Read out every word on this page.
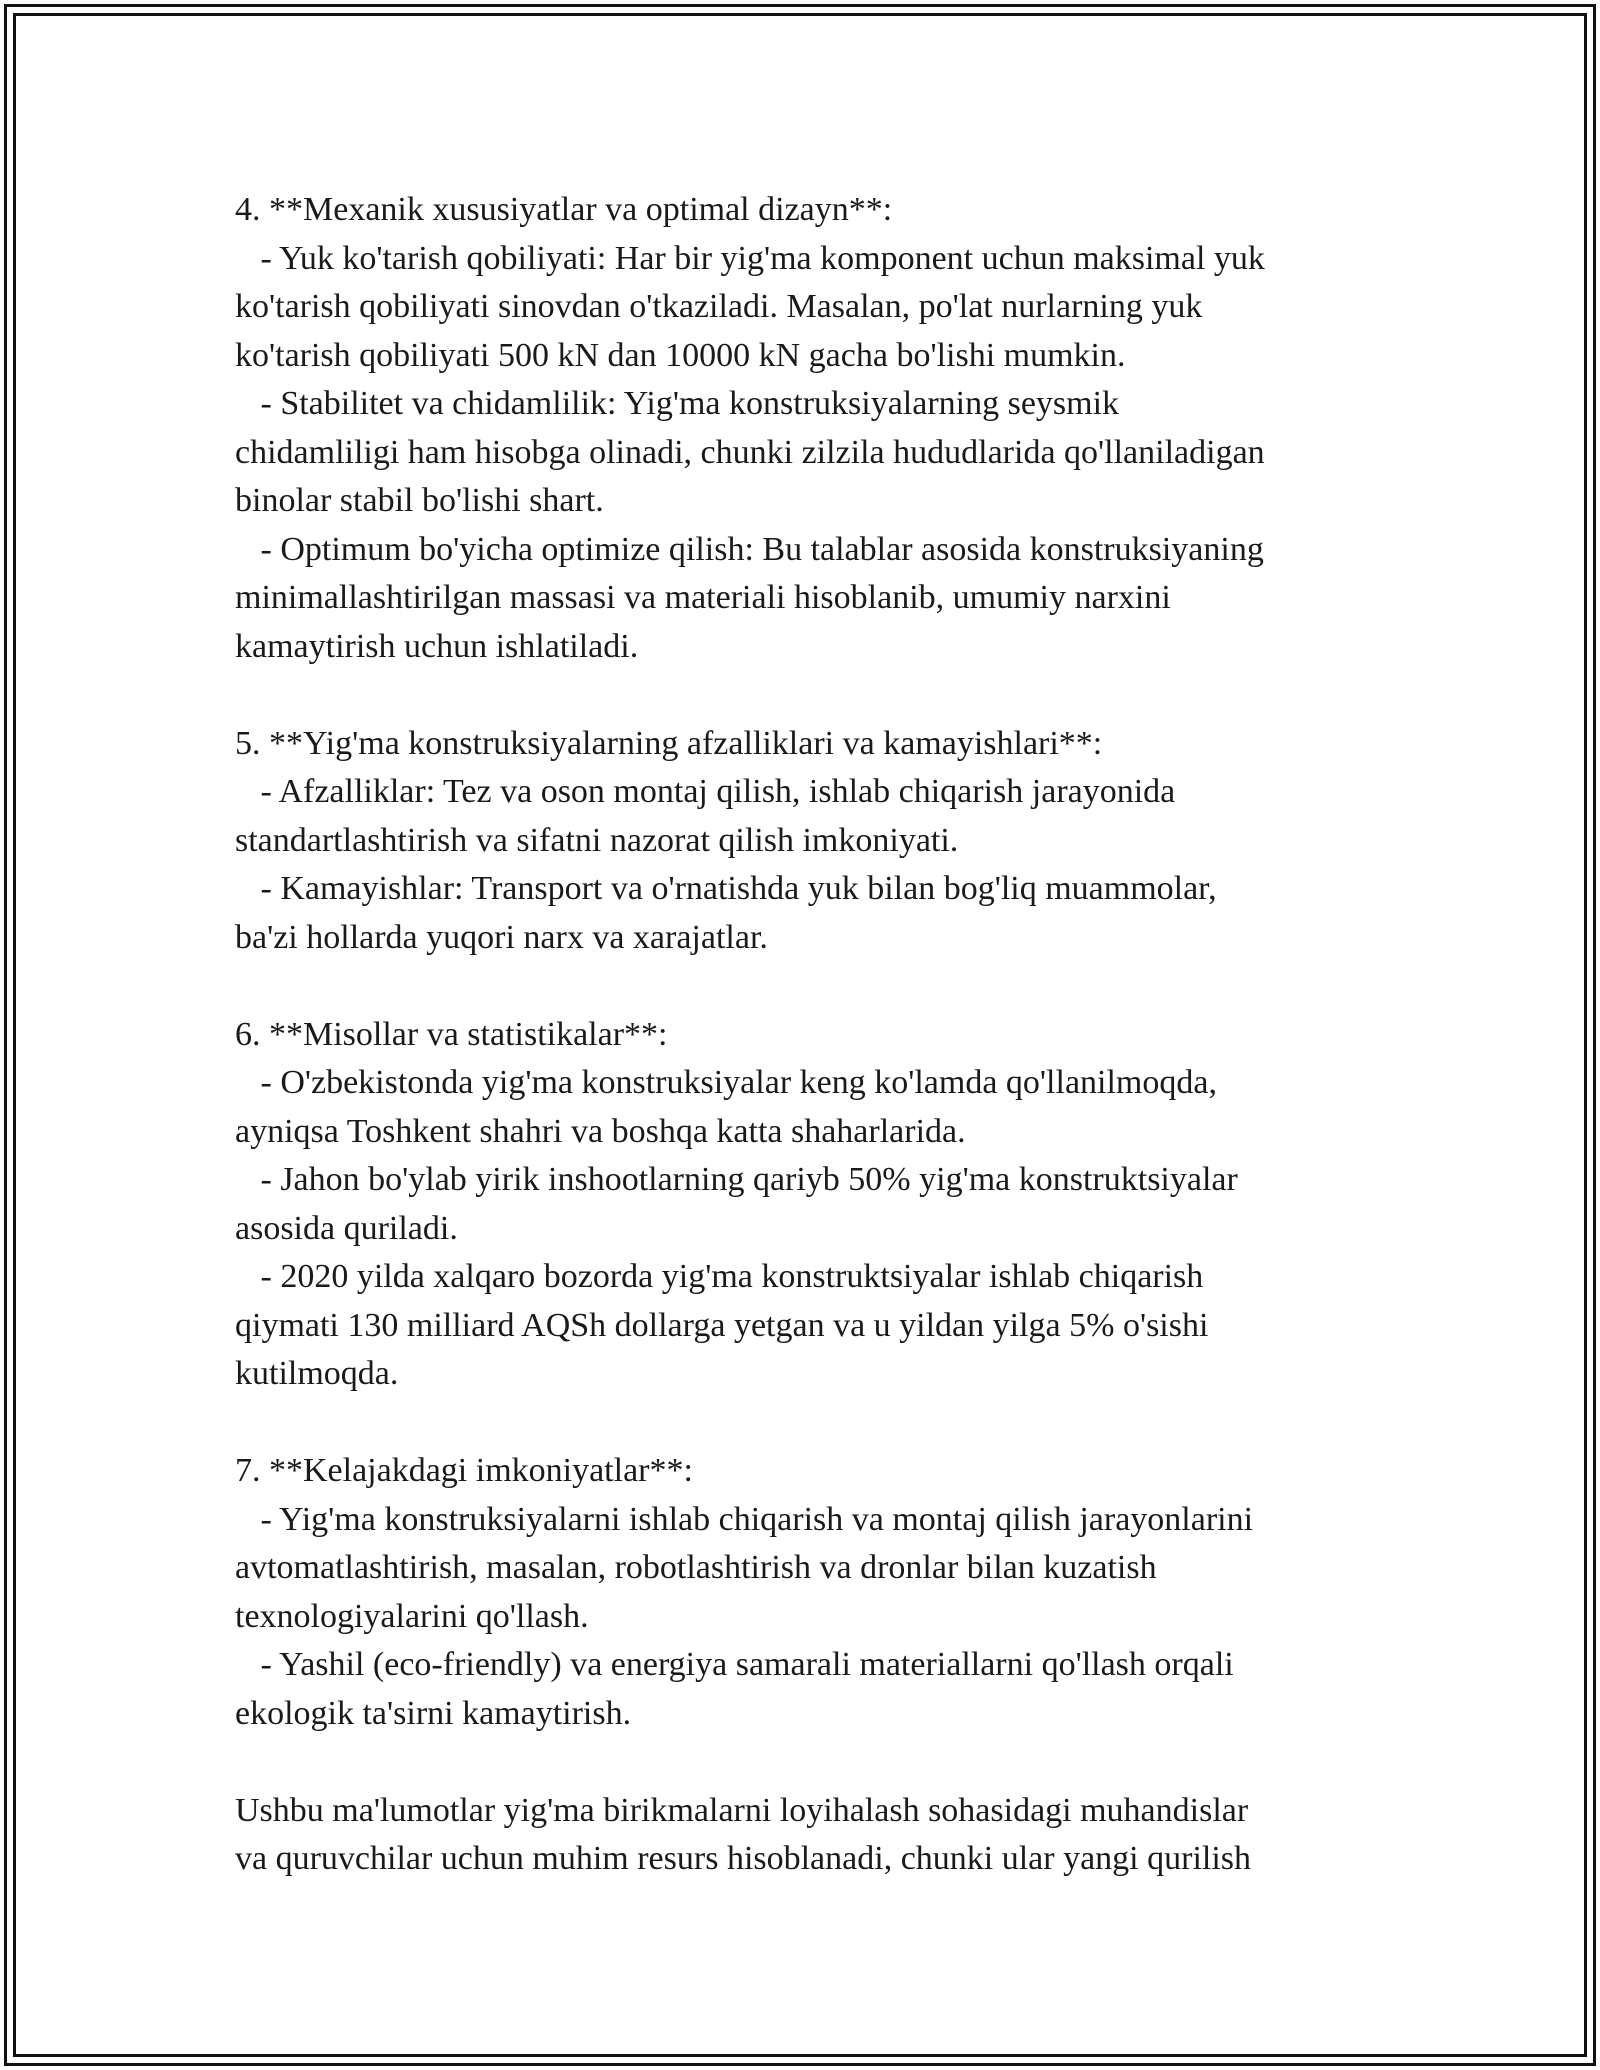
4. **Mexanik xususiyatlar va optimal dizayn**:
- Yuk ko'tarish qobiliyati: Har bir yig'ma komponent uchun maksimal yuk
ko'tarish qobiliyati sinovdan o'tkaziladi. Masalan, po'lat nurlarning yuk
ko'tarish qobiliyati 500 kN dan 10000 kN gacha bo'lishi mumkin.
- Stabilitet va chidamlilik: Yig'ma konstruksiyalarning seysmik
chidamliligi ham hisobga olinadi, chunki zilzila hududlarida qo'llaniladigan
binolar stabil bo'lishi shart.
- Optimum bo'yicha optimize qilish: Bu talablar asosida konstruksiyaning
minimallashtirilgan massasi va materiali hisoblanib, umumiy narxini
kamaytirish uchun ishlatiladi.
5. **Yig'ma konstruksiyalarning afzalliklari va kamayishlari**:
- Afzalliklar: Tez va oson montaj qilish, ishlab chiqarish jarayonida
standartlashtirish va sifatni nazorat qilish imkoniyati.
- Kamayishlar: Transport va o'rnatishda yuk bilan bog'liq muammolar,
ba'zi hollarda yuqori narx va xarajatlar.
6. **Misollar va statistikalar**:
- O'zbekistonda yig'ma konstruksiyalar keng ko'lamda qo'llanilmoqda,
ayniqsa Toshkent shahri va boshqa katta shaharlarida.
- Jahon bo'ylab yirik inshootlarning qariyb 50% yig'ma konstruktsiyalar
asosida quriladi.
- 2020 yilda xalqaro bozorda yig'ma konstruktsiyalar ishlab chiqarish
qiymati 130 milliard AQSh dollarga yetgan va u yildan yilga 5% o'sishi
kutilmoqda.
7. **Kelajakdagi imkoniyatlar**:
- Yig'ma konstruksiyalarni ishlab chiqarish va montaj qilish jarayonlarini
avtomatlashtirish, masalan, robotlashtirish va dronlar bilan kuzatish
texnologiyalarini qo'llash.
- Yashil (eco-friendly) va energiya samarali materiallarni qo'llash orqali
ekologik ta'sirni kamaytirish.
Ushbu ma'lumotlar yig'ma birikmalarni loyihalash sohasidagi muhandislar
va quruvchilar uchun muhim resurs hisoblanadi, chunki ular yangi qurilish
